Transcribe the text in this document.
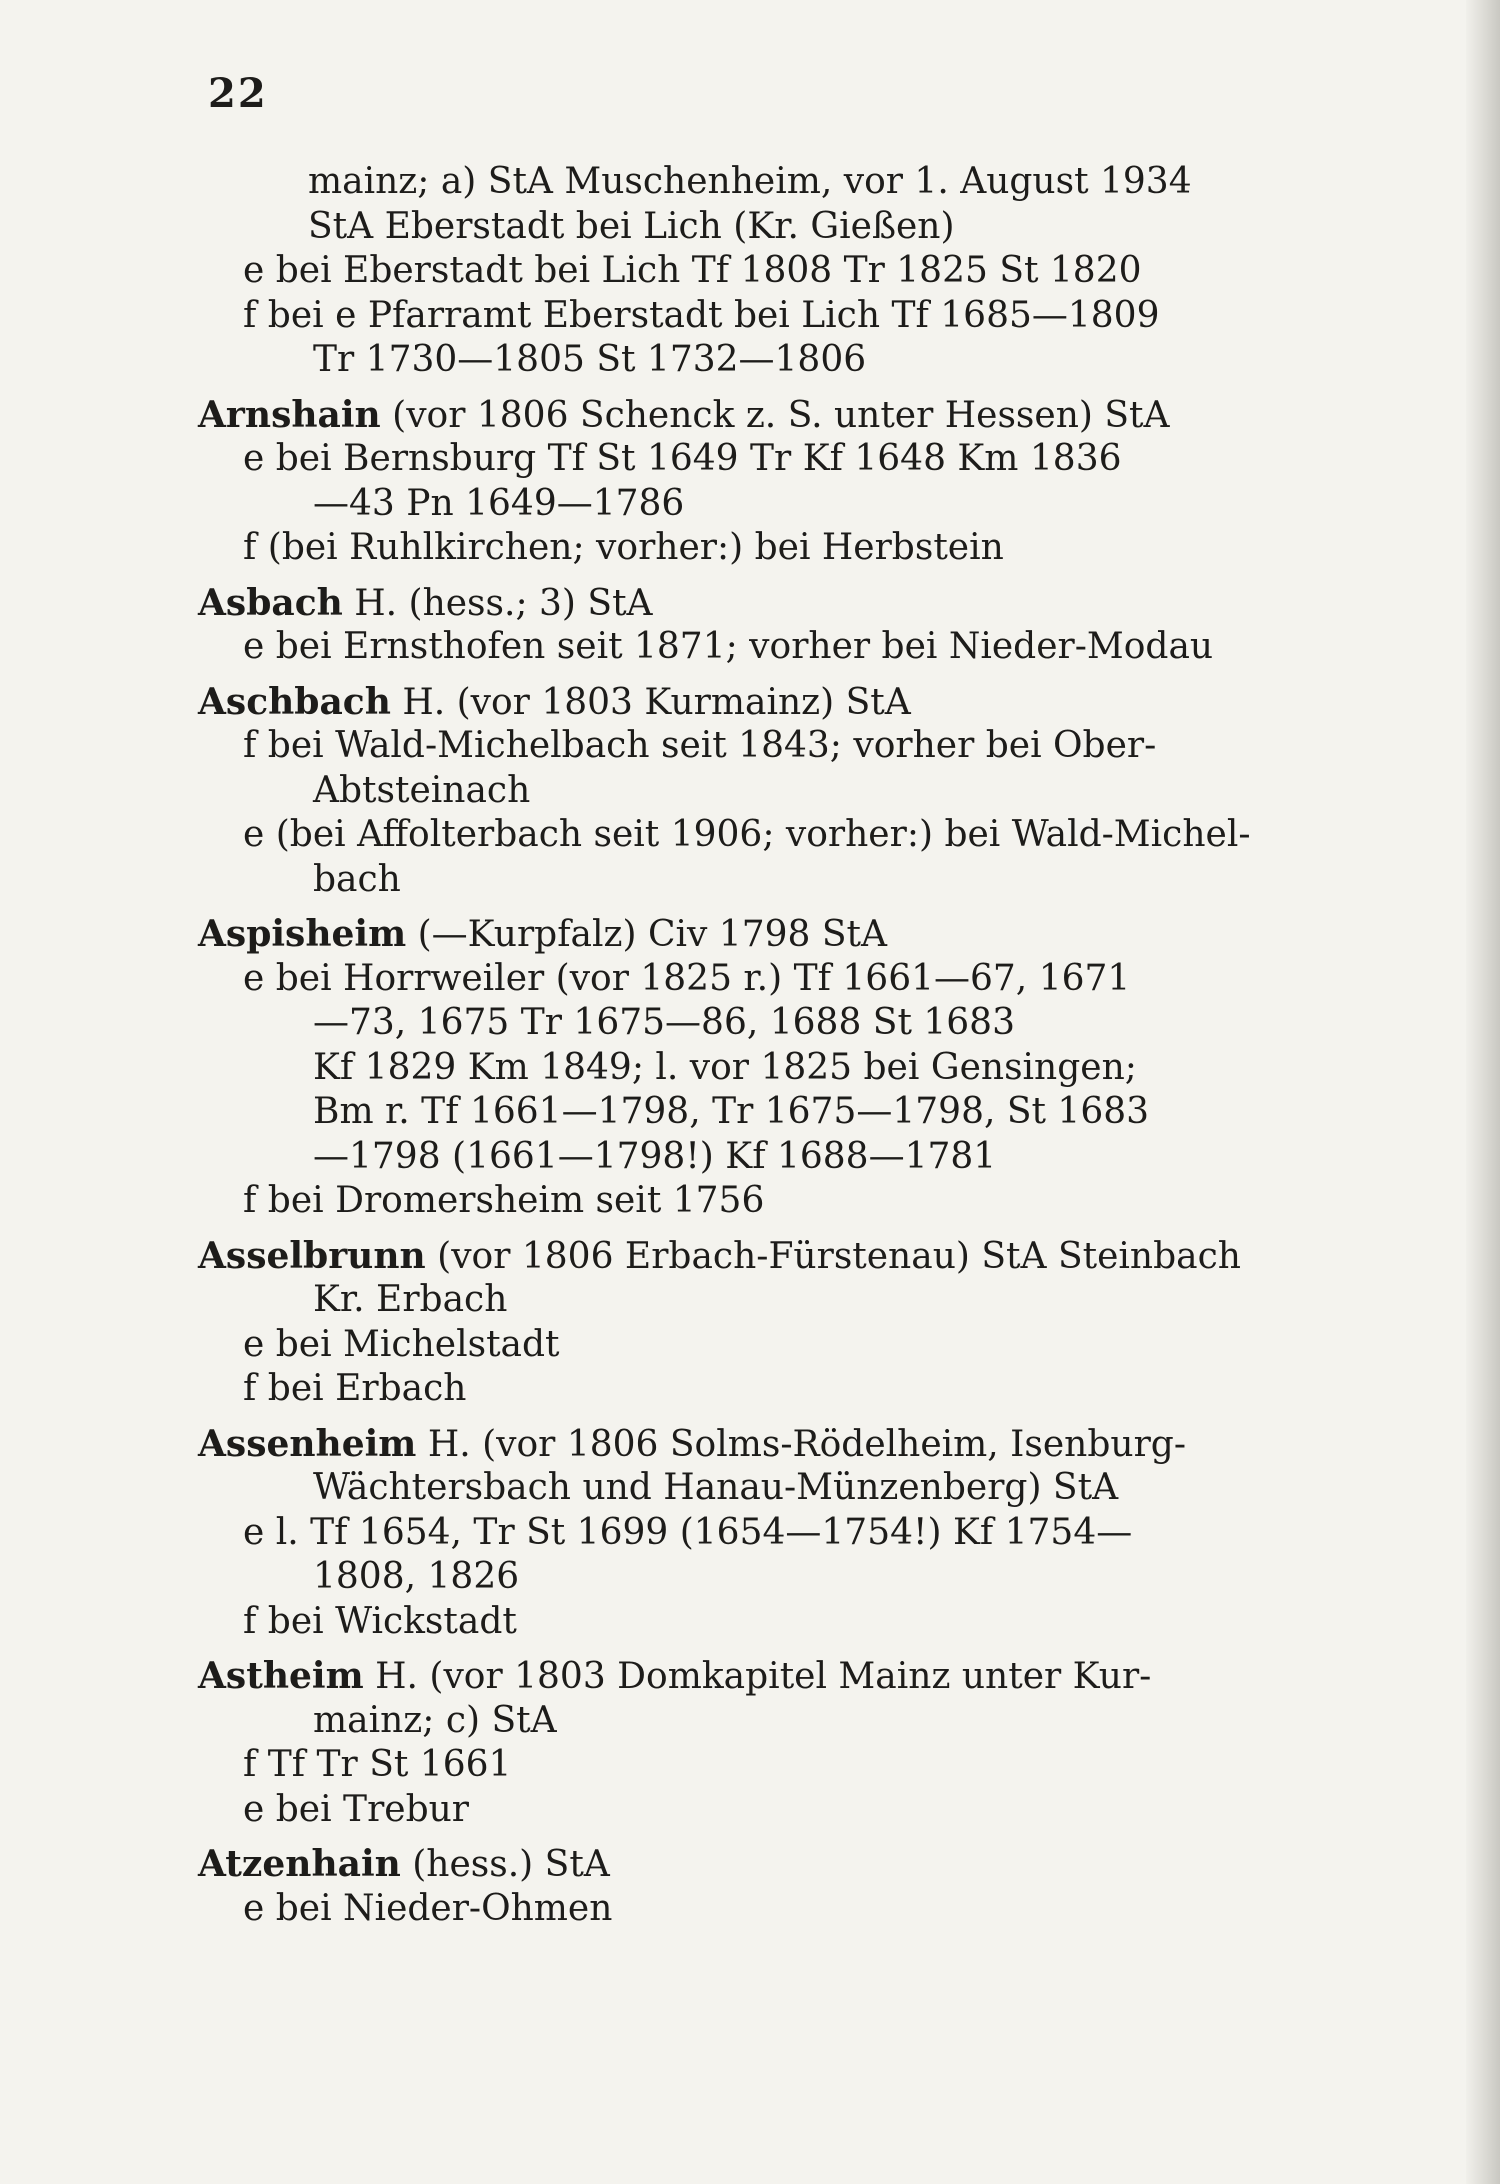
22
mainz; a) StA Muschenheim, vor 1. August 1934
StA Eberstadt bei Lich (Kr. Gießen)
e bei Eberstadt bei Lich Tf 1808 Tr 1825 St 1820
f bei e Pfarramt Eberstadt bei Lich Tf 1685—1809
Tr 1730—1805 St 1732—1806
Arnshain (vor 1806 Schenck z. S. unter Hessen) StA
e bei Bernsburg Tf St 1649 Tr Kf 1648 Km 1836
—43 Pn 1649—1786
f (bei Ruhlkirchen; vorher:) bei Herbstein
Asbach H. (hess.; 3) StA
e bei Ernsthofen seit 1871; vorher bei Nieder-Modau
Aschbach H. (vor 1803 Kurmainz) StA
f bei Wald-Michelbach seit 1843; vorher bei Ober-
Abtsteinach
e (bei Affolterbach seit 1906; vorher:) bei Wald-Michel-
bach
Aspisheim (—Kurpfalz) Civ 1798 StA
e bei Horrweiler (vor 1825 r.) Tf 1661—67, 1671
—73, 1675 Tr 1675—86, 1688 St 1683
Kf 1829 Km 1849; l. vor 1825 bei Gensingen;
Bm r. Tf 1661—1798, Tr 1675—1798, St 1683
—1798 (1661—1798!) Kf 1688—1781
f bei Dromersheim seit 1756
Asselbrunn (vor 1806 Erbach-Fürstenau) StA Steinbach
Kr. Erbach
e bei Michelstadt
f bei Erbach
Assenheim H. (vor 1806 Solms-Rödelheim, Isenburg-
Wächtersbach und Hanau-Münzenberg) StA
e l. Tf 1654, Tr St 1699 (1654—1754!) Kf 1754—
1808, 1826
f bei Wickstadt
Astheim H. (vor 1803 Domkapitel Mainz unter Kur-
mainz; c) StA
f Tf Tr St 1661
e bei Trebur
Atzenhain (hess.) StA
e bei Nieder-Ohmen
